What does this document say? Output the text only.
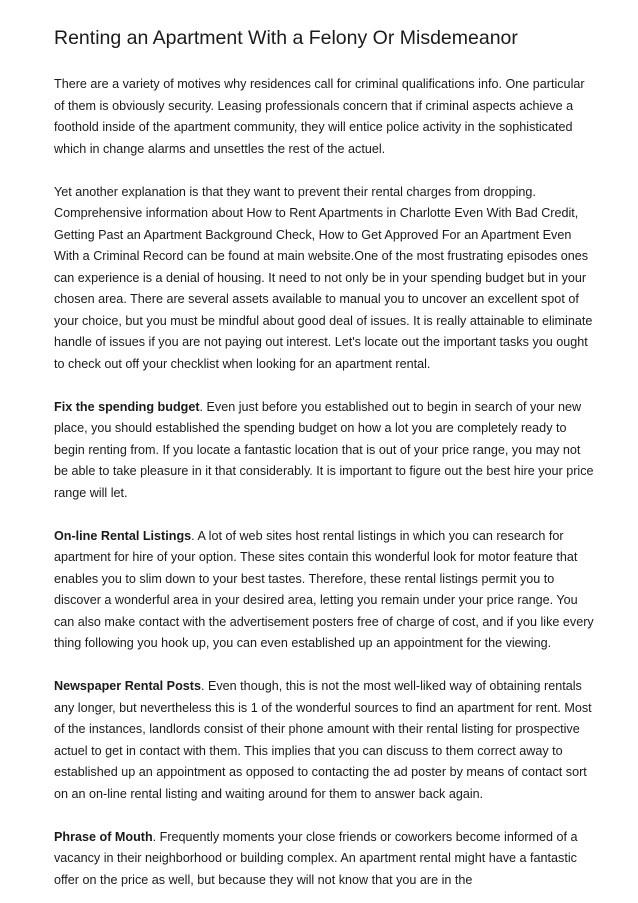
Renting an Apartment With a Felony Or Misdemeanor

There are a variety of motives why residences call for criminal qualifications info. One particular of them is obviously security. Leasing professionals concern that if criminal aspects achieve a foothold inside of the apartment community, they will entice police activity in the sophisticated which in change alarms and unsettles the rest of the actuel.

Yet another explanation is that they want to prevent their rental charges from dropping. Comprehensive information about How to Rent Apartments in Charlotte Even With Bad Credit, Getting Past an Apartment Background Check, How to Get Approved For an Apartment Even With a Criminal Record can be found at main website.One of the most frustrating episodes ones can experience is a denial of housing. It need to not only be in your spending budget but in your chosen area. There are several assets available to manual you to uncover an excellent spot of your choice, but you must be mindful about good deal of issues. It is really attainable to eliminate handle of issues if you are not paying out interest. Let's locate out the important tasks you ought to check out off your checklist when looking for an apartment rental.

Fix the spending budget. Even just before you established out to begin in search of your new place, you should established the spending budget on how a lot you are completely ready to begin renting from. If you locate a fantastic location that is out of your price range, you may not be able to take pleasure in it that considerably. It is important to figure out the best hire your price range will let.

On-line Rental Listings. A lot of web sites host rental listings in which you can research for apartment for hire of your option. These sites contain this wonderful look for motor feature that enables you to slim down to your best tastes. Therefore, these rental listings permit you to discover a wonderful area in your desired area, letting you remain under your price range. You can also make contact with the advertisement posters free of charge of cost, and if you like every thing following you hook up, you can even established up an appointment for the viewing.

Newspaper Rental Posts. Even though, this is not the most well-liked way of obtaining rentals any longer, but nevertheless this is 1 of the wonderful sources to find an apartment for rent. Most of the instances, landlords consist of their phone amount with their rental listing for prospective actuel to get in contact with them. This implies that you can discuss to them correct away to established up an appointment as opposed to contacting the ad poster by means of contact sort on an on-line rental listing and waiting around for them to answer back again.

Phrase of Mouth. Frequently moments your close friends or coworkers become informed of a vacancy in their neighborhood or building complex. An apartment rental might have a fantastic offer on the price as well, but because they will not know that you are in the
